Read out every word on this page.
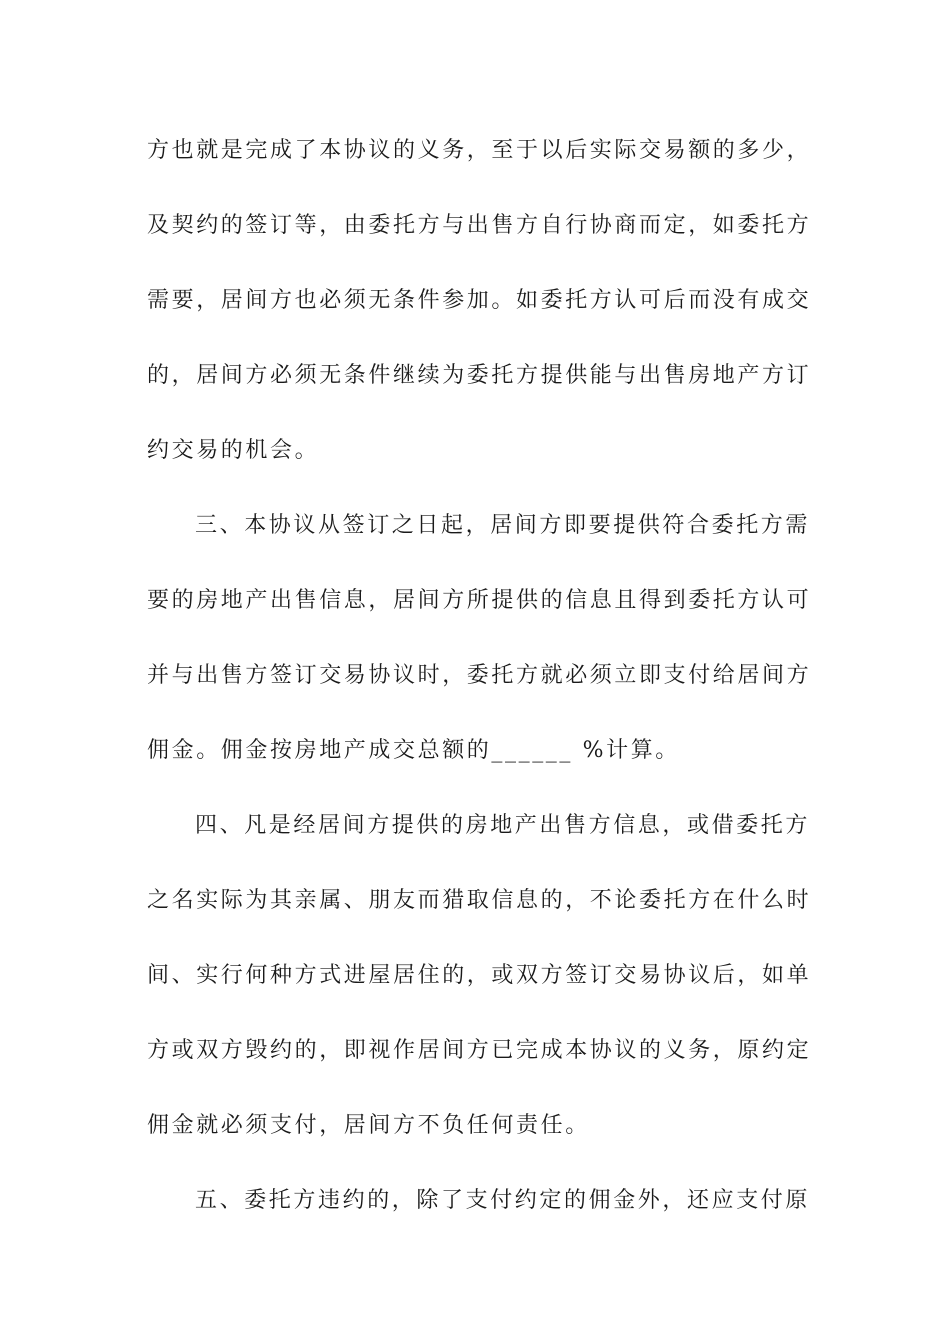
方也就是完成了本协议的义务，至于以后实际交易额的多少，
及契约的签订等，由委托方与出售方自行协商而定，如委托方
需要，居间方也必须无条件参加。如委托方认可后而没有成交
的，居间方必须无条件继续为委托方提供能与出售房地产方订
约交易的机会。
三、本协议从签订之日起，居间方即要提供符合委托方需
要的房地产出售信息，居间方所提供的信息且得到委托方认可
并与出售方签订交易协议时，委托方就必须立即支付给居间方
佣金。佣金按房地产成交总额的______ %计算。
四、凡是经居间方提供的房地产出售方信息，或借委托方
之名实际为其亲属、朋友而猎取信息的，不论委托方在什么时
间、实行何种方式进屋居住的，或双方签订交易协议后，如单
方或双方毁约的，即视作居间方已完成本协议的义务，原约定
佣金就必须支付，居间方不负任何责任。
五、委托方违约的，除了支付约定的佣金外，还应支付原
